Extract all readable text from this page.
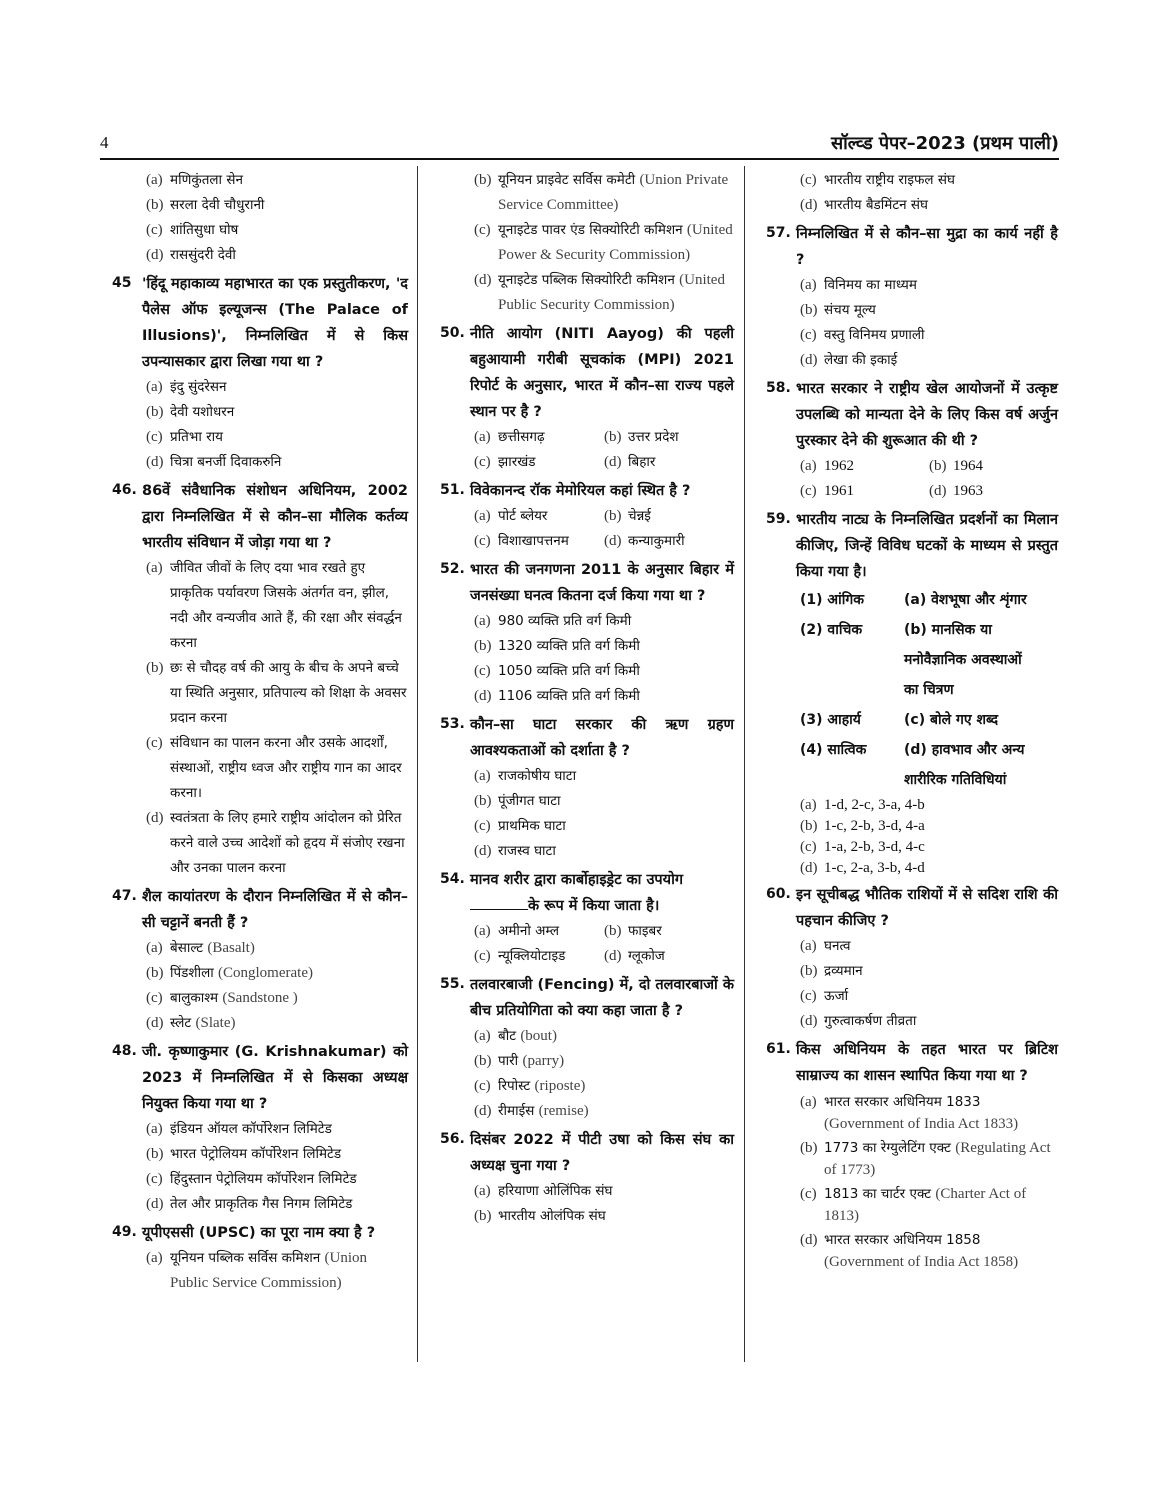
4	सॉल्व्ड पेपर–2023 (प्रथम पाली)
(a) मणिकुंतला सेन
(b) सरला देवी चौधुरानी
(c) शांतिसुधा घोष
(d) राससुंदरी देवी
45 'हिंदू महाकाव्य महाभारत का एक प्रस्तुतीकरण, 'द पैलेस ऑफ इल्यूजन्स (The Palace of Illusions)', निम्नलिखित में से किस उपन्यासकार द्वारा लिखा गया था ?
(a) इंदु सुंदरेसन
(b) देवी यशोधरन
(c) प्रतिभा राय
(d) चित्रा बनर्जी दिवाकरुनि
46. 86वें संवैधानिक संशोधन अधिनियम, 2002 द्वारा निम्नलिखित में से कौन–सा मौलिक कर्तव्य भारतीय संविधान में जोड़ा गया था ?
(a) जीवित जीवों के लिए दया भाव रखते हुए प्राकृतिक पर्यावरण जिसके अंतर्गत वन, झील, नदी और वन्यजीव आते हैं, की रक्षा और संवर्द्धन करना
(b) छः से चौदह वर्ष की आयु के बीच के अपने बच्चे या स्थिति अनुसार, प्रतिपाल्य को शिक्षा के अवसर प्रदान करना
(c) संविधान का पालन करना और उसके आदर्शों, संस्थाओं, राष्ट्रीय ध्वज और राष्ट्रीय गान का आदर करना।
(d) स्वतंत्रता के लिए हमारे राष्ट्रीय आंदोलन को प्रेरित करने वाले उच्च आदेशों को हृदय में संजोए रखना और उनका पालन करना
47. शैल कायांतरण के दौरान निम्नलिखित में से कौन–सी चट्टानें बनती हैं ?
(a) बेसाल्ट (Basalt)
(b) पिंडशीला (Conglomerate)
(c) बालुकाश्म (Sandstone )
(d) स्लेट (Slate)
48. जी. कृष्णाकुमार (G. Krishnakumar) को 2023 में निम्नलिखित में से किसका अध्यक्ष नियुक्त किया गया था ?
(a) इंडियन ऑयल कॉर्पोरेशन लिमिटेड
(b) भारत पेट्रोलियम कॉर्पोरेशन लिमिटेड
(c) हिंदुस्तान पेट्रोलियम कॉर्पोरेशन लिमिटेड
(d) तेल और प्राकृतिक गैस निगम लिमिटेड
49. यूपीएससी (UPSC) का पूरा नाम क्या है ?
(a) यूनियन पब्लिक सर्विस कमिशन (Union Public Service Commission)
(b) यूनियन प्राइवेट सर्विस कमेटी (Union Private Service Committee)
(c) यूनाइटेड पावर एंड सिक्योरिटी कमिशन (United Power & Security Commission)
(d) यूनाइटेड पब्लिक सिक्योरिटी कमिशन (United Public Security Commission)
50. नीति आयोग (NITI Aayog) की पहली बहुआयामी गरीबी सूचकांक (MPI) 2021 रिपोर्ट के अनुसार, भारत में कौन–सा राज्य पहले स्थान पर है ?
(a) छत्तीसगढ़	(b) उत्तर प्रदेश
(c) झारखंड	(d) बिहार
51. विवेकानन्द रॉक मेमोरियल कहां स्थित है ?
(a) पोर्ट ब्लेयर	(b) चेन्नई
(c) विशाखापत्तनम (d) कन्याकुमारी
52. भारत की जनगणना 2011 के अनुसार बिहार में जनसंख्या घनत्व कितना दर्ज किया गया था ?
(a) 980 व्यक्ति प्रति वर्ग किमी
(b) 1320 व्यक्ति प्रति वर्ग किमी
(c) 1050 व्यक्ति प्रति वर्ग किमी
(d) 1106 व्यक्ति प्रति वर्ग किमी
53. कौन–सा घाटा सरकार की ऋण ग्रहण आवश्यकताओं को दर्शाता है ?
(a) राजकोषीय घाटा
(b) पूंजीगत घाटा
(c) प्राथमिक घाटा
(d) राजस्व घाटा
54. मानव शरीर द्वारा कार्बोहाइड्रेट का उपयोग
के रूप में किया जाता है।
(a) अमीनो अम्ल	(b) फाइबर
(c) न्यूक्लियोटाइड	(d) ग्लूकोज
55. तलवारबाजी (Fencing) में, दो तलवारबाजों के बीच प्रतियोगिता को क्या कहा जाता है ?
(a) बौट (bout)
(b) पारी (parry)
(c) रिपोस्ट (riposte)
(d) रीमाईस (remise)
56. दिसंबर 2022 में पीटी उषा को किस संघ का अध्यक्ष चुना गया ?
(a) हरियाणा ओलिंपिक संघ
(b) भारतीय ओलंपिक संघ
(c) भारतीय राष्ट्रीय राइफल संघ
(d) भारतीय बैडमिंटन संघ
57. निम्नलिखित में से कौन–सा मुद्रा का कार्य नहीं है ?
(a) विनिमय का माध्यम
(b) संचय मूल्य
(c) वस्तु विनिमय प्रणाली
(d) लेखा की इकाई
58. भारत सरकार ने राष्ट्रीय खेल आयोजनों में उत्कृष्ट उपलब्धि को मान्यता देने के लिए किस वर्ष अर्जुन पुरस्कार देने की शुरूआत की थी ?
(a) 1962	(b) 1964
(c) 1961	(d) 1963
59. भारतीय नाट्य के निम्नलिखित प्रदर्शनों का मिलान कीजिए, जिन्हें विविध घटकों के माध्यम से प्रस्तुत किया गया है।
(1) आंगिक	(a) वेशभूषा और शृंगार
(2) वाचिक	(b) मानसिक या मनोवैज्ञानिक अवस्थाओं का चित्रण
(3) आहार्य	(c) बोले गए शब्द
(4) सात्विक	(d) हावभाव और अन्य शारीरिक गतिविधियां
(a) 1-d, 2-c, 3-a, 4-b
(b) 1-c, 2-b, 3-d, 4-a
(c) 1-a, 2-b, 3-d, 4-c
(d) 1-c, 2-a, 3-b, 4-d
60. इन सूचीबद्ध भौतिक राशियों में से सदिश राशि की पहचान कीजिए ?
(a) घनत्व
(b) द्रव्यमान
(c) ऊर्जा
(d) गुरुत्वाकर्षण तीव्रता
61. किस अधिनियम के तहत भारत पर ब्रिटिश साम्राज्य का शासन स्थापित किया गया था ?
(a) भारत सरकार अधिनियम 1833 (Government of India Act 1833)
(b) 1773 का रेग्युलेटिंग एक्ट (Regulating Act of 1773)
(c) 1813 का चार्टर एक्ट (Charter Act of 1813)
(d) भारत सरकार अधिनियम 1858 (Government of India Act 1858)
